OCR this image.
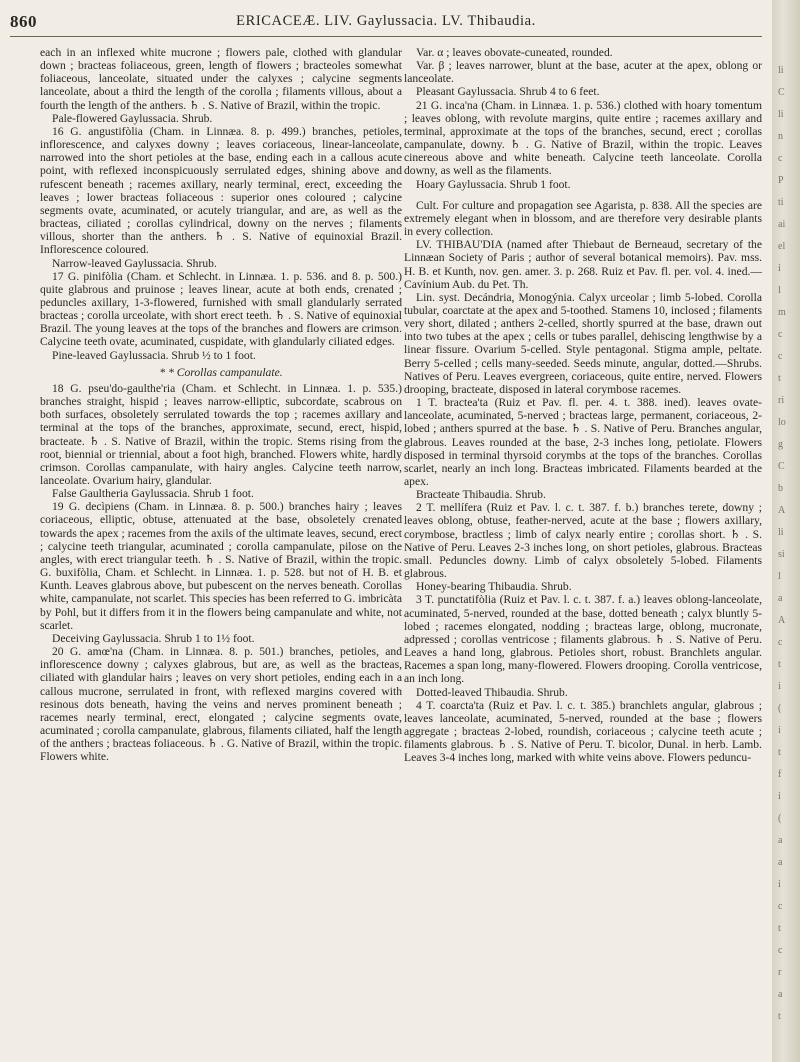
860	ERICACEÆ. LIV. Gaylussacia. LV. Thibaudia.

each in an inflexed white mucrone ; flowers pale, clothed with glandular down ; bracteas foliaceous, green, length of flowers ; bracteoles somewhat foliaceous, lanceolate, situated under the calyxes ; calycine segments lanceolate, about a third the length of the corolla ; filaments villous, about a fourth the length of the anthers. ♄ . S. Native of Brazil, within the tropic.

Pale-flowered Gaylussacia. Shrub.

16 G. angustifòlia (Cham. in Linnæa. 8. p. 499.) branches, petioles, inflorescence, and calyxes downy ; leaves coriaceous, linear-lanceolate, narrowed into the short petioles at the base, ending each in a callous acute point, with reflexed inconspicuously serrulated edges, shining above and rufescent beneath ; racemes axillary, nearly terminal, erect, exceeding the leaves ; lower bracteas foliaceous : superior ones coloured ; calycine segments ovate, acuminated, or acutely triangular, and are, as well as the bracteas, ciliated ; corollas cylindrical, downy on the nerves ; filaments villous, shorter than the anthers. ♄ . S. Native of equinoxial Brazil. Inflorescence coloured.

Narrow-leaved Gaylussacia. Shrub.

17 G. pinifòlia (Cham. et Schlecht. in Linnæa. 1. p. 536. and 8. p. 500.) quite glabrous and pruinose ; leaves linear, acute at both ends, crenated ; peduncles axillary, 1-3-flowered, furnished with small glandularly serrated bracteas ; corolla urceolate, with short erect teeth. ♄ . S. Native of equinoxial Brazil. The young leaves at the tops of the branches and flowers are crimson. Calycine teeth ovate, acuminated, cuspidate, with glandularly ciliated edges.

Pine-leaved Gaylussacia. Shrub ½ to 1 foot.

* * Corollas campanulate.

18 G. pseu'do-gaulthe'ria (Cham. et Schlecht. in Linnæa. 1. p. 535.) branches straight, hispid ; leaves narrow-elliptic, subcordate, scabrous on both surfaces, obsoletely serrulated towards the top ; racemes axillary and terminal at the tops of the branches, approximate, secund, erect, hispid, bracteate. ♄ . S. Native of Brazil, within the tropic. Stems rising from the root, biennial or triennial, about a foot high, branched. Flowers white, hardly crimson. Corollas campanulate, with hairy angles. Calycine teeth narrow, lanceolate. Ovarium hairy, glandular.

False Gaultheria Gaylussacia. Shrub 1 foot.

19 G. decìpiens (Cham. in Linnæa. 8. p. 500.) branches hairy ; leaves coriaceous, elliptic, obtuse, attenuated at the base, obsoletely crenated towards the apex ; racemes from the axils of the ultimate leaves, secund, erect ; calycine teeth triangular, acuminated ; corolla campanulate, pilose on the angles, with erect triangular teeth. ♄ . S. Native of Brazil, within the tropic. G. buxifòlia, Cham. et Schlecht. in Linnæa. 1. p. 528. but not of H. B. et Kunth. Leaves glabrous above, but pubescent on the nerves beneath. Corollas white, campanulate, not scarlet. This species has been referred to G. imbricàta by Pohl, but it differs from it in the flowers being campanulate and white, not scarlet.

Deceiving Gaylussacia. Shrub 1 to 1½ foot.

20 G. amœ'na (Cham. in Linnæa. 8. p. 501.) branches, petioles, and inflorescence downy ; calyxes glabrous, but are, as well as the bracteas, ciliated with glandular hairs ; leaves on very short petioles, ending each in a callous mucrone, serrulated in front, with reflexed margins covered with resinous dots beneath, having the veins and nerves prominent beneath ; racemes nearly terminal, erect, elongated ; calycine segments ovate, acuminated ; corolla campanulate, glabrous, filaments ciliated, half the length of the anthers ; bracteas foliaceous. ♄ . G. Native of Brazil, within the tropic. Flowers white.

Var. α ; leaves obovate-cuneated, rounded.

Var. β ; leaves narrower, blunt at the base, acuter at the apex, oblong or lanceolate.

Pleasant Gaylussacia. Shrub 4 to 6 feet.

21 G. inca'na (Cham. in Linnæa. 1. p. 536.) clothed with hoary tomentum ; leaves oblong, with revolute margins, quite entire ; racemes axillary and terminal, approximate at the tops of the branches, secund, erect ; corollas campanulate, downy. ♄ . G. Native of Brazil, within the tropic. Leaves cinereous above and white beneath. Calycine teeth lanceolate. Corolla downy, as well as the filaments.

Hoary Gaylussacia. Shrub 1 foot.

Cult. For culture and propagation see Agarista, p. 838. All the species are extremely elegant when in blossom, and are therefore very desirable plants in every collection.

LV. THIBAU'DIA (named after Thiebaut de Berneaud, secretary of the Linnæan Society of Paris ; author of several botanical memoirs). Pav. mss. H. B. et Kunth, nov. gen. amer. 3. p. 268. Ruiz et Pav. fl. per. vol. 4. ined.—Cavínium Aub. du Pet. Th.

Lin. syst. Decándria, Monogýnia. Calyx urceolar ; limb 5-lobed. Corolla tubular, coarctate at the apex and 5-toothed. Stamens 10, inclosed ; filaments very short, dilated ; anthers 2-celled, shortly spurred at the base, drawn out into two tubes at the apex ; cells or tubes parallel, dehiscing lengthwise by a linear fissure. Ovarium 5-celled. Style pentagonal. Stigma ample, peltate. Berry 5-celled ; cells many-seeded. Seeds minute, angular, dotted.—Shrubs. Natives of Peru. Leaves evergreen, coriaceous, quite entire, nerved. Flowers drooping, bracteate, disposed in lateral corymbose racemes.

1 T. bractea'ta (Ruiz et Pav. fl. per. 4. t. 388. ined). leaves ovate-lanceolate, acuminated, 5-nerved ; bracteas large, permanent, coriaceous, 2-lobed ; anthers spurred at the base. ♄ . S. Native of Peru. Branches angular, glabrous. Leaves rounded at the base, 2-3 inches long, petiolate. Flowers disposed in terminal thyrsoid corymbs at the tops of the branches. Corollas scarlet, nearly an inch long. Bracteas imbricated. Filaments bearded at the apex.

Bracteate Thibaudia. Shrub.

2 T. mellífera (Ruiz et Pav. l. c. t. 387. f. b.) branches terete, downy ; leaves oblong, obtuse, feather-nerved, acute at the base ; flowers axillary, corymbose, bractless ; limb of calyx nearly entire ; corollas short. ♄ . S. Native of Peru. Leaves 2-3 inches long, on short petioles, glabrous. Bracteas small. Peduncles downy. Limb of calyx obsoletely 5-lobed. Filaments glabrous.

Honey-bearing Thibaudia. Shrub.

3 T. punctatifòlia (Ruiz et Pav. l. c. t. 387. f. a.) leaves oblong-lanceolate, acuminated, 5-nerved, rounded at the base, dotted beneath ; calyx bluntly 5-lobed ; racemes elongated, nodding ; bracteas large, oblong, mucronate, adpressed ; corollas ventricose ; filaments glabrous. ♄ . S. Native of Peru. Leaves a hand long, glabrous. Petioles short, robust. Branchlets angular. Racemes a span long, many-flowered. Flowers drooping. Corolla ventricose, an inch long.

Dotted-leaved Thibaudia. Shrub.

4 T. coarcta'ta (Ruiz et Pav. l. c. t. 385.) branchlets angular, glabrous ; leaves lanceolate, acuminated, 5-nerved, rounded at the base ; flowers aggregate ; bracteas 2-lobed, roundish, coriaceous ; calycine teeth acute ; filaments glabrous. ♄ . S. Native of Peru. T. bicolor, Dunal. in herb. Lamb. Leaves 3-4 inches long, marked with white veins above. Flowers peduncu-

li
C
li
n
c
P
ti
ai
el
i
l
m
c
c
t
ri
lo
g
C
b
A
li
si
l
a
A
c
t
i
(
i
t
f
i
(
a
a
i
c
t
c
r
a
t
